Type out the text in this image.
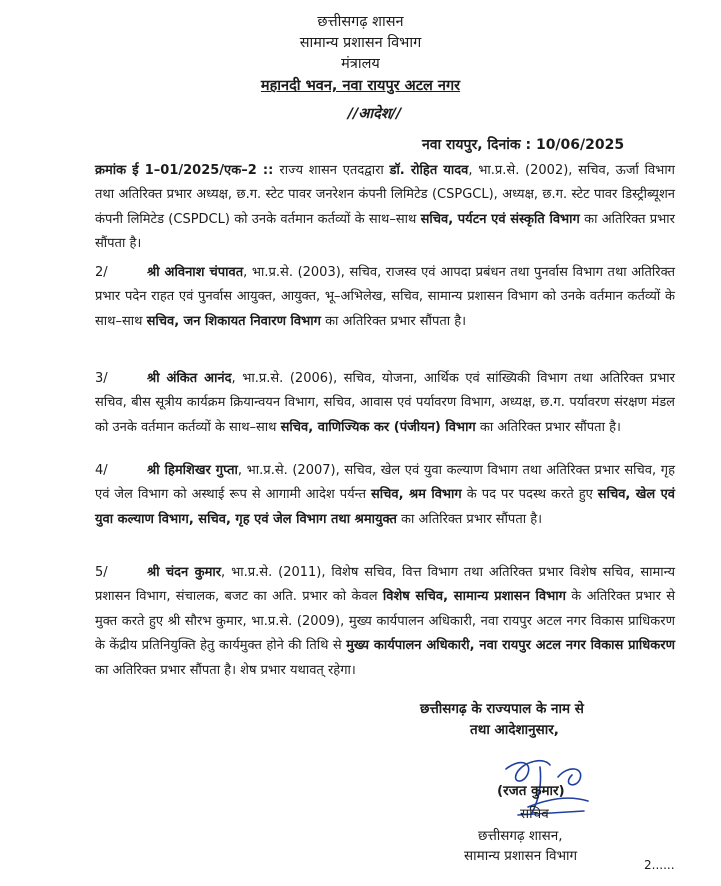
छत्तीसगढ़ शासन
सामान्य प्रशासन विभाग
मंत्रालय
महानदी भवन, नवा रायपुर अटल नगर
//आदेश//
नवा रायपुर, दिनांक : 10/06/2025

क्रमांक ई 1–01/2025/एक–2 :: राज्य शासन एतदद्वारा डॉ. रोहित यादव, भा.प्र.से. (2002), सचिव, ऊर्जा विभाग तथा अतिरिक्त प्रभार अध्यक्ष, छ.ग. स्टेट पावर जनरेशन कंपनी लिमिटेड (CSPGCL), अध्यक्ष, छ.ग. स्टेट पावर डिस्ट्रीब्यूशन कंपनी लिमिटेड (CSPDCL) को उनके वर्तमान कर्तव्यों के साथ–साथ सचिव, पर्यटन एवं संस्कृति विभाग का अतिरिक्त प्रभार सौंपता है।

2/	श्री अविनाश चंपावत, भा.प्र.से. (2003), सचिव, राजस्व एवं आपदा प्रबंधन तथा पुनर्वास विभाग तथा अतिरिक्त प्रभार पदेन राहत एवं पुनर्वास आयुक्त, आयुक्त, भू–अभिलेख, सचिव, सामान्य प्रशासन विभाग को उनके वर्तमान कर्तव्यों के साथ–साथ सचिव, जन शिकायत निवारण विभाग का अतिरिक्त प्रभार सौंपता है।

3/	श्री अंकित आनंद, भा.प्र.से. (2006), सचिव, योजना, आर्थिक एवं सांख्यिकी विभाग तथा अतिरिक्त प्रभार सचिव, बीस सूत्रीय कार्यक्रम क्रियान्वयन विभाग, सचिव, आवास एवं पर्यावरण विभाग, अध्यक्ष, छ.ग. पर्यावरण संरक्षण मंडल को उनके वर्तमान कर्तव्यों के साथ–साथ सचिव, वाणिज्यिक कर (पंजीयन) विभाग का अतिरिक्त प्रभार सौंपता है।

4/	श्री हिमशिखर गुप्ता, भा.प्र.से. (2007), सचिव, खेल एवं युवा कल्याण विभाग तथा अतिरिक्त प्रभार सचिव, गृह एवं जेल विभाग को अस्थाई रूप से आगामी आदेश पर्यन्त सचिव, श्रम विभाग के पद पर पदस्थ करते हुए सचिव, खेल एवं युवा कल्याण विभाग, सचिव, गृह एवं जेल विभाग तथा श्रमायुक्त का अतिरिक्त प्रभार सौंपता है।

5/	श्री चंदन कुमार, भा.प्र.से. (2011), विशेष सचिव, वित्त विभाग तथा अतिरिक्त प्रभार विशेष सचिव, सामान्य प्रशासन विभाग, संचालक, बजट का अति. प्रभार को केवल विशेष सचिव, सामान्य प्रशासन विभाग के अतिरिक्त प्रभार से मुक्त करते हुए श्री सौरभ कुमार, भा.प्र.से. (2009), मुख्य कार्यपालन अधिकारी, नवा रायपुर अटल नगर विकास प्राधिकरण के केंद्रीय प्रतिनियुक्ति हेतु कार्यमुक्त होने की तिथि से मुख्य कार्यपालन अधिकारी, नवा रायपुर अटल नगर विकास प्राधिकरण का अतिरिक्त प्रभार सौंपता है। शेष प्रभार यथावत् रहेगा।

छत्तीसगढ़ के राज्यपाल के नाम से
तथा आदेशानुसार,
(रजत कुमार)
सचिव
छत्तीसगढ़ शासन,
सामान्य प्रशासन विभाग
2......
